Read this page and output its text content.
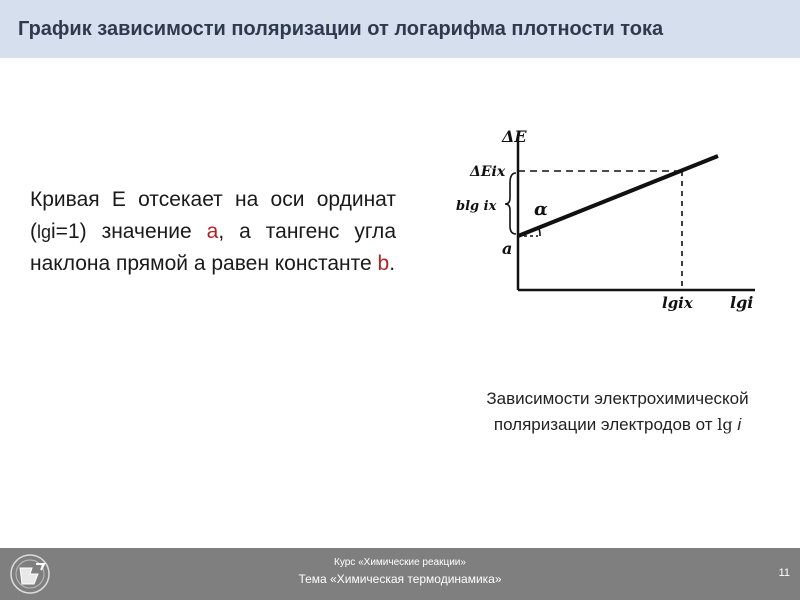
График зависимости поляризации от логарифма плотности тока
Кривая Е отсекает на оси ординат (lgi=1) значение а, а тангенс угла наклона прямой а равен константе b.
ΔE
ΔEix
blg ix α
a
lgix lgi
Зависимости электрохимической
поляризации электродов от lg i
Курс «Химические реакции»
Тема «Химическая термодинамика»	11
